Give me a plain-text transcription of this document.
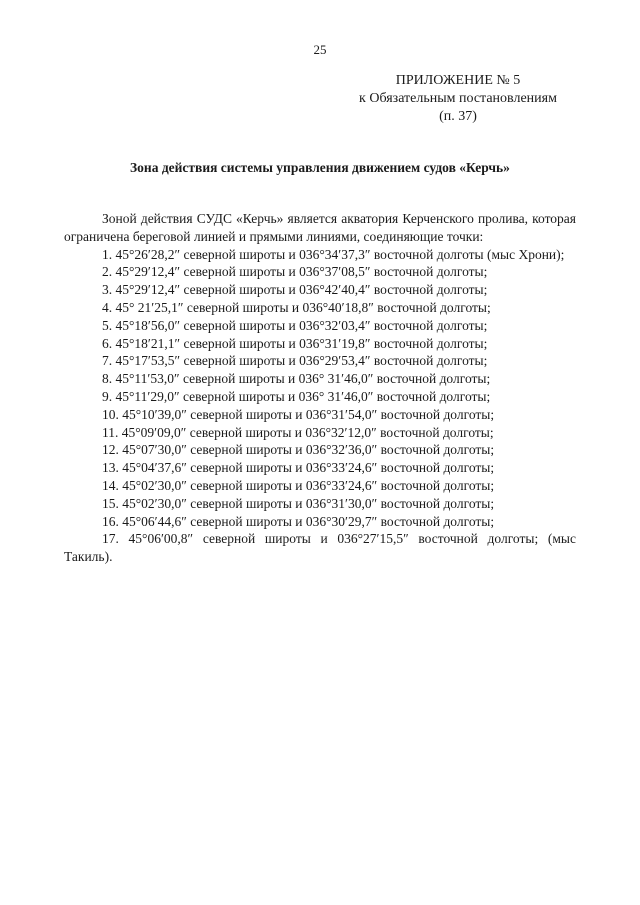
25
ПРИЛОЖЕНИЕ № 5
к Обязательным постановлениям
(п. 37)
Зона действия системы управления движением судов «Керчь»
Зоной действия СУДС «Керчь» является акватория Керченского пролива, которая ограничена береговой линией и прямыми линиями, соединяющие точки:
1. 45°26′28,2″ северной широты и 036°34′37,3″ восточной долготы (мыс Хрони);
2. 45°29′12,4″ северной широты и 036°37′08,5″ восточной долготы;
3. 45°29′12,4″ северной широты и 036°42′40,4″ восточной долготы;
4. 45° 21′25,1″ северной широты и 036°40′18,8″ восточной долготы;
5. 45°18′56,0″ северной широты и 036°32′03,4″ восточной долготы;
6. 45°18′21,1″ северной широты и 036°31′19,8″ восточной долготы;
7. 45°17′53,5″ северной широты и 036°29′53,4″ восточной долготы;
8. 45°11′53,0″ северной широты и 036° 31′46,0″ восточной долготы;
9. 45°11′29,0″ северной широты и 036° 31′46,0″ восточной долготы;
10. 45°10′39,0″ северной широты и 036°31′54,0″ восточной долготы;
11. 45°09′09,0″ северной широты и 036°32′12,0″ восточной долготы;
12. 45°07′30,0″ северной широты и 036°32′36,0″ восточной долготы;
13. 45°04′37,6″ северной широты и 036°33′24,6″ восточной долготы;
14. 45°02′30,0″ северной широты и 036°33′24,6″ восточной долготы;
15. 45°02′30,0″ северной широты и 036°31′30,0″ восточной долготы;
16. 45°06′44,6″ северной широты и 036°30′29,7″ восточной долготы;
17. 45°06′00,8″ северной широты и 036°27′15,5″ восточной долготы; (мыс Такиль).
